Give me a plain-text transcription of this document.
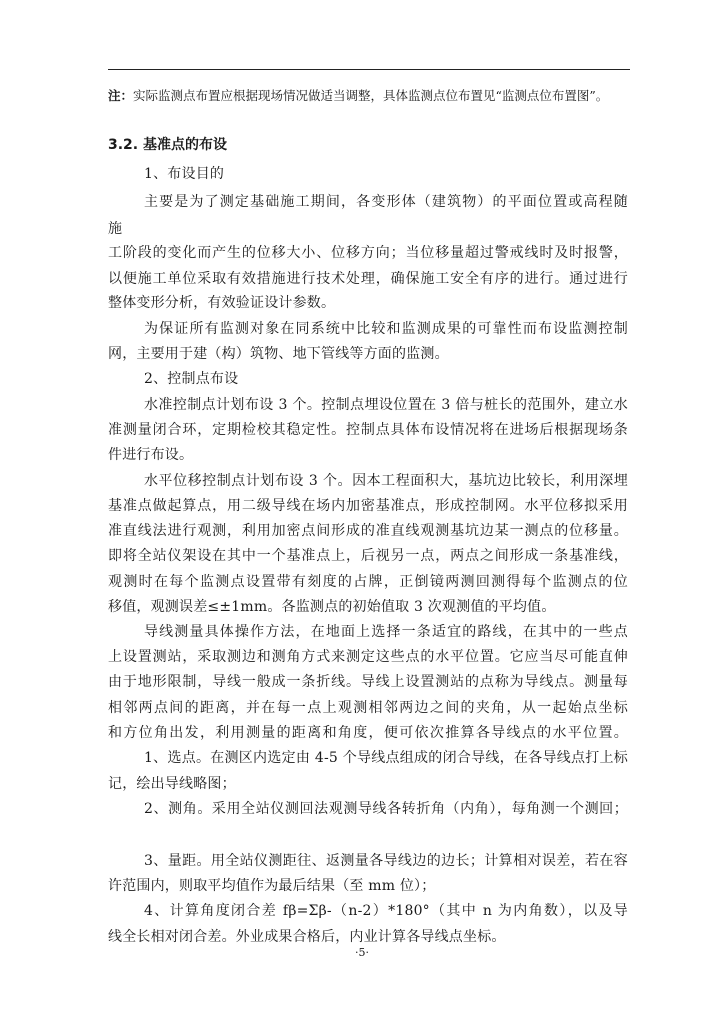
注：实际监测点布置应根据现场情况做适当调整，具体监测点位布置见“监测点位布置图”。
3.2. 基准点的布设
1、布设目的
主要是为了测定基础施工期间，各变形体（建筑物）的平面位置或高程随
施
工阶段的变化而产生的位移大小、位移方向；当位移量超过警戒线时及时报警，
以便施工单位采取有效措施进行技术处理，确保施工安全有序的进行。通过进行
整体变形分析，有效验证设计参数。
为保证所有监测对象在同系统中比较和监测成果的可靠性而布设监测控制
网，主要用于建（构）筑物、地下管线等方面的监测。
2、控制点布设
水准控制点计划布设 3 个。控制点埋设位置在 3 倍与桩长的范围外，建立水
准测量闭合环，定期检校其稳定性。控制点具体布设情况将在进场后根据现场条
件进行布设。
水平位移控制点计划布设 3 个。因本工程面积大，基坑边比较长，利用深埋
基准点做起算点，用二级导线在场内加密基准点，形成控制网。水平位移拟采用
准直线法进行观测，利用加密点间形成的准直线观测基坑边某一测点的位移量。
即将全站仪架设在其中一个基准点上，后视另一点，两点之间形成一条基准线，
观测时在每个监测点设置带有刻度的占牌，正倒镜两测回测得每个监测点的位
移值，观测误差≤±1mm。各监测点的初始值取 3 次观测值的平均值。
导线测量具体操作方法，在地面上选择一条适宜的路线，在其中的一些点
上设置测站，采取测边和测角方式来测定这些点的水平位置。它应当尽可能直伸
由于地形限制，导线一般成一条折线。导线上设置测站的点称为导线点。测量每
相邻两点间的距离，并在每一点上观测相邻两边之间的夹角，从一起始点坐标
和方位角出发，利用测量的距离和角度，便可依次推算各导线点的水平位置。
1、选点。在测区内选定由 4-5 个导线点组成的闭合导线，在各导线点打上标
记，绘出导线略图；
2、测角。采用全站仪测回法观测导线各转折角（内角），每角测一个测回；
3、量距。用全站仪测距往、返测量各导线边的边长；计算相对误差，若在容
许范围内，则取平均值作为最后结果（至 mm 位）；
4、计算角度闭合差 fβ=Σβ-（n-2）*180°（其中 n 为内角数），以及导
线全长相对闭合差。外业成果合格后，内业计算各导线点坐标。
·5·
